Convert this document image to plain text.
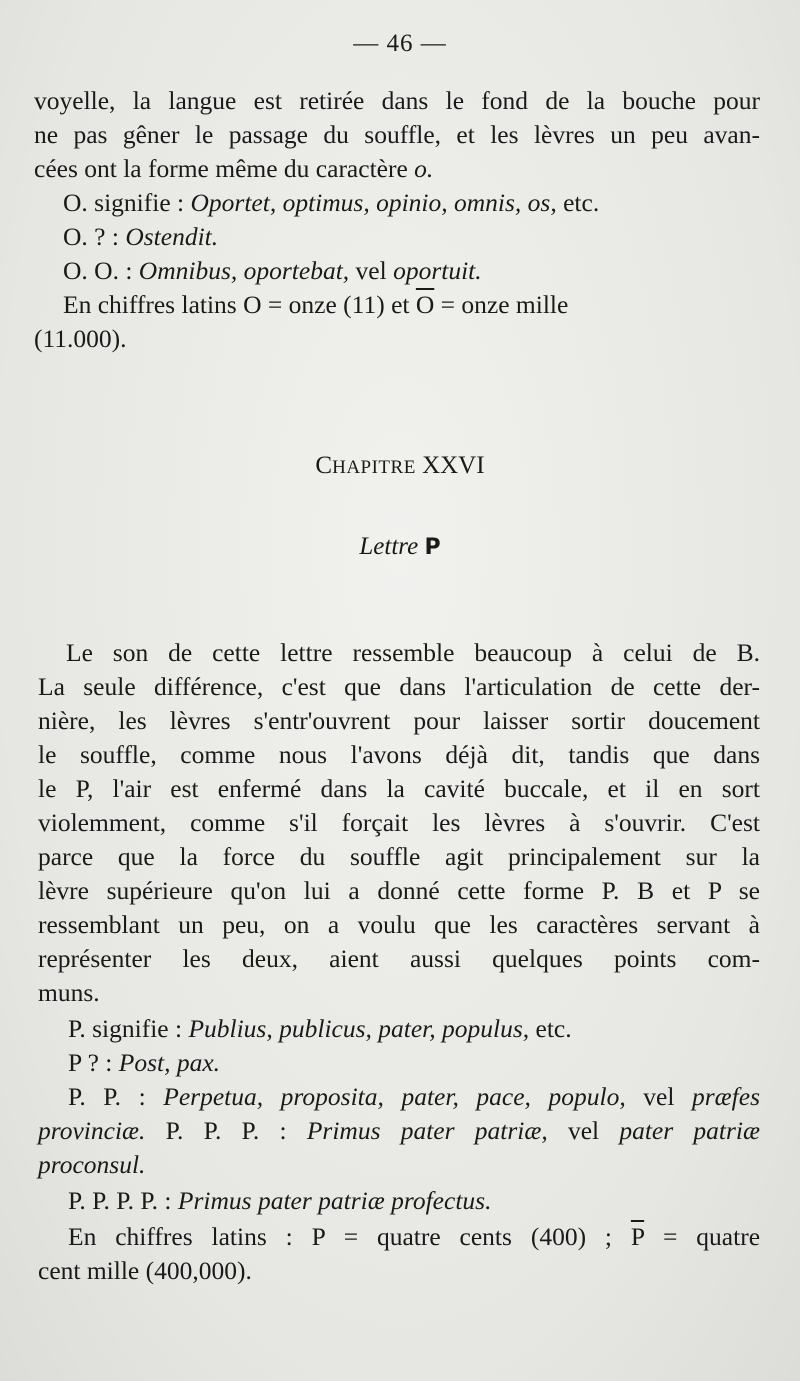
— 46 —
voyelle, la langue est retirée dans le fond de la bouche pour
ne pas gêner le passage du souffle, et les lèvres un peu avan-
cées ont la forme même du caractère o.
O. signifie : Oportet, optimus, opinio, omnis, os, etc.
O. ? : Ostendit.
O. O. : Omnibus, oportebat, vel oportuit.
En chiffres latins O = onze (11) et $\overline{O}$ = onze mille
(11.000).
CHAPITRE XXVI
Lettre P
Le son de cette lettre ressemble beaucoup à celui de B.
La seule différence, c'est que dans l'articulation de cette der-
nière, les lèvres s'entr'ouvrent pour laisser sortir doucement
le souffle, comme nous l'avons déjà dit, tandis que dans
le P, l'air est enfermé dans la cavité buccale, et il en sort
violemment, comme s'il forçait les lèvres à s'ouvrir. C'est
parce que la force du souffle agit principalement sur la
lèvre supérieure qu'on lui a donné cette forme P. B et P se
ressemblant un peu, on a voulu que les caractères servant à
représenter les deux, aient aussi quelques points com-
muns.
P. signifie : Publius, publicus, pater, populus, etc.
P ? : Post, pax.
P. P. : Perpetua, proposita, pater, pace, populo, vel præfes
provinciæ. P. P. P. : Primus pater patriæ, vel pater patriæ
proconsul.
P. P. P. P. : Primus pater patriæ profectus.
En chiffres latins : P = quatre cents (400) ; $\overline{P}$ = quatre
cent mille (400,000).
